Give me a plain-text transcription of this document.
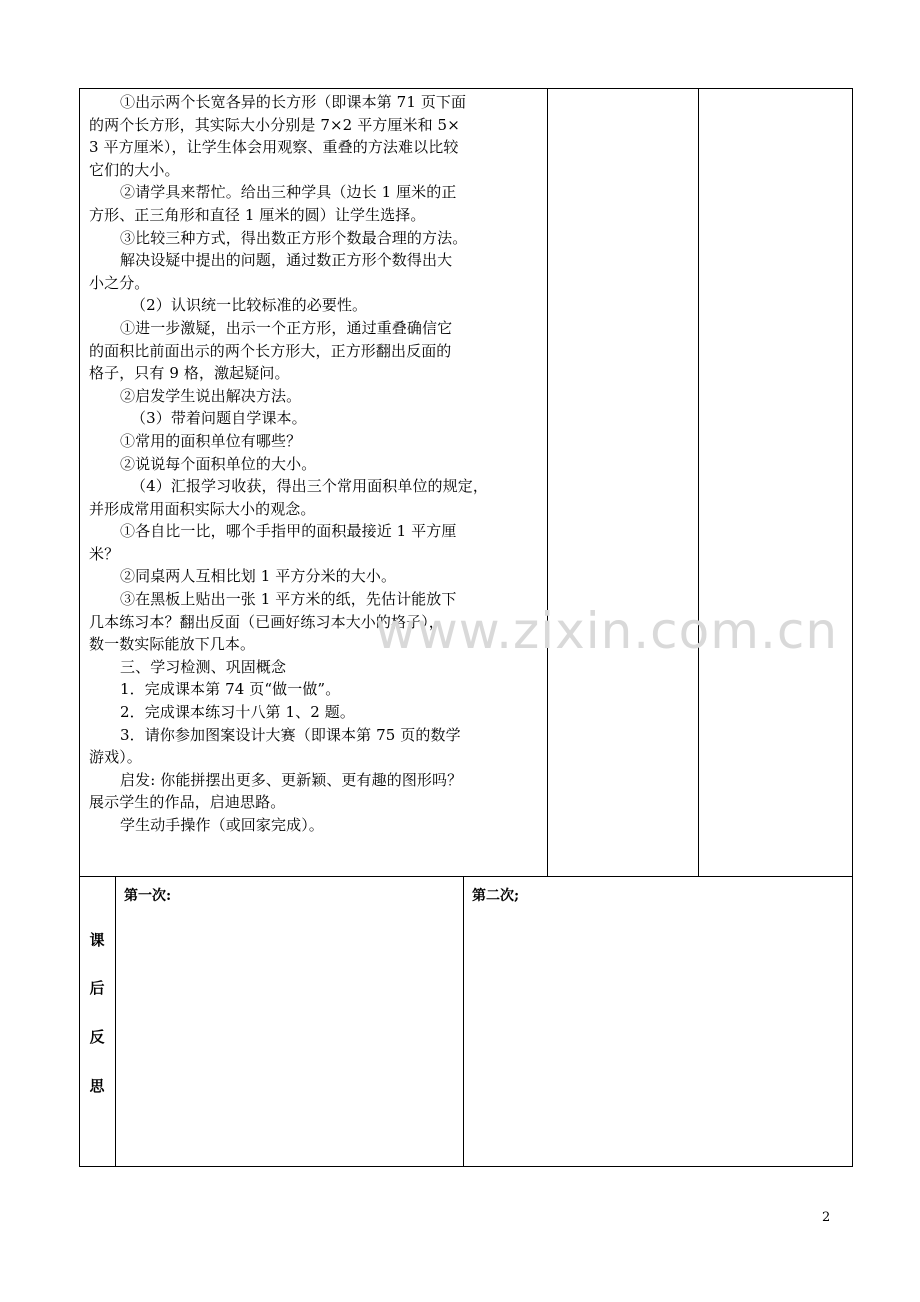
①出示两个长宽各异的长方形（即课本第 71 页下面
的两个长方形，其实际大小分别是 7×2 平方厘米和 5×
3 平方厘米），让学生体会用观察、重叠的方法难以比较
它们的大小。
②请学具来帮忙。给出三种学具（边长 1 厘米的正
方形、正三角形和直径 1 厘米的圆）让学生选择。
③比较三种方式，得出数正方形个数最合理的方法。
解决设疑中提出的问题，通过数正方形个数得出大
小之分。
（2）认识统一比较标准的必要性。
①进一步激疑，出示一个正方形，通过重叠确信它
的面积比前面出示的两个长方形大，正方形翻出反面的
格子，只有 9 格，激起疑问。
②启发学生说出解决方法。
（3）带着问题自学课本。
①常用的面积单位有哪些？
②说说每个面积单位的大小。
（4）汇报学习收获，得出三个常用面积单位的规定，
并形成常用面积实际大小的观念。
①各自比一比，哪个手指甲的面积最接近 1 平方厘
米？
②同桌两人互相比划 1 平方分米的大小。
③在黑板上贴出一张 1 平方米的纸，先估计能放下
几本练习本？翻出反面（已画好练习本大小的格子），
数一数实际能放下几本。
三、学习检测、巩固概念
1．完成课本第 74 页“做一做”。
2．完成课本练习十八第 1、2 题。
3．请你参加图案设计大赛（即课本第 75 页的数学
游戏）。
启发: 你能拼摆出更多、更新颖、更有趣的图形吗？
展示学生的作品，启迪思路。
学生动手操作（或回家完成）。
www.zixin.com.cn
课
后
反
思
第一次:	第二次;
2
